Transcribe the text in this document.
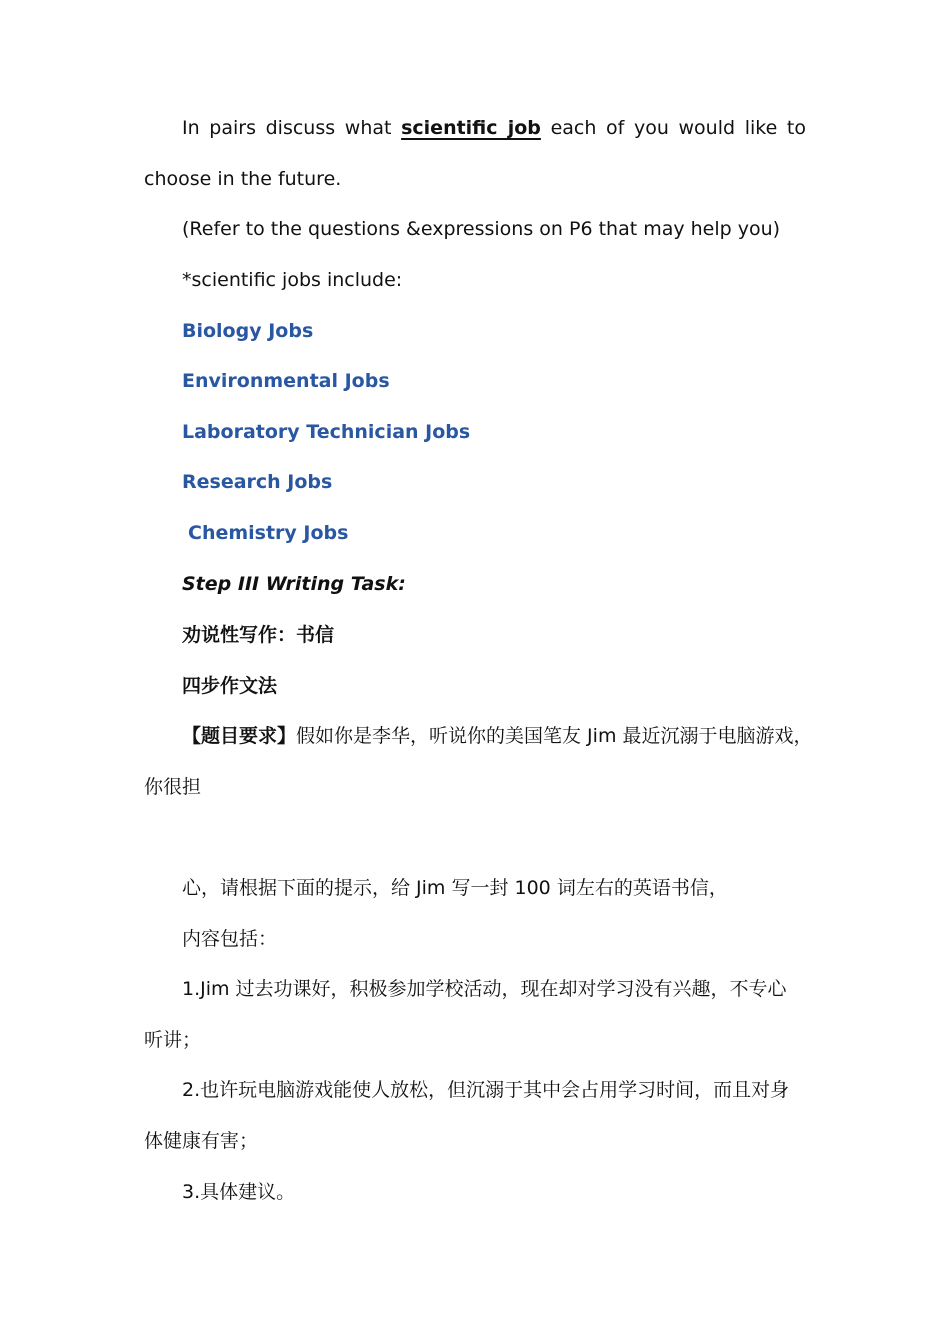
In pairs discuss what scientific job each of you would like to
choose in the future.
(Refer to the questions &expressions on P6 that may help you)
*scientific jobs include:
Biology Jobs
Environmental Jobs
Laboratory Technician Jobs
Research Jobs
Chemistry Jobs
Step III Writing Task:
劝说性写作：书信
四步作文法
【题目要求】假如你是李华，听说你的美国笔友 Jim 最近沉溺于电脑游戏，
你很担
心，请根据下面的提示，给 Jim 写一封 100 词左右的英语书信，
内容包括：
1.Jim 过去功课好，积极参加学校活动，现在却对学习没有兴趣，不专心
听讲；
2.也许玩电脑游戏能使人放松，但沉溺于其中会占用学习时间，而且对身
体健康有害；
3.具体建议。
